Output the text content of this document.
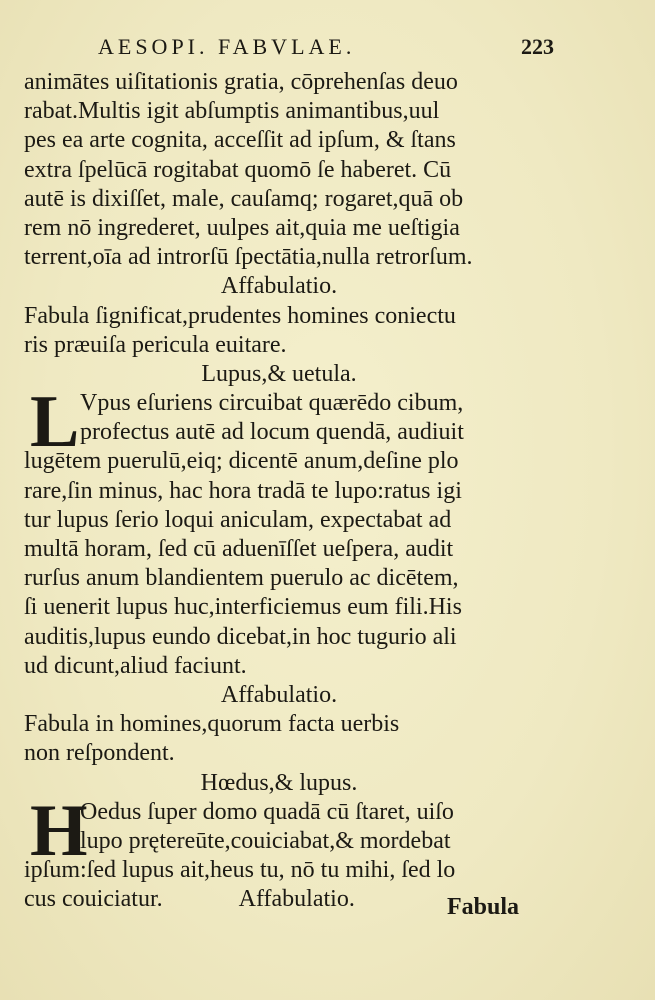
AESOPI. FABVLAE.	223
animātes uiſitationis gratia, cōprehenſas deuo
rabat.Multis igit abſumptis animantibus,uul
pes ea arte cognita, acceſſit ad ipſum, & ſtans
extra ſpelūcā rogitabat quomō ſe haberet. Cū
autē is dixiſſet, male, cauſamq; rogaret,quā ob
rem nō ingrederet, uulpes ait,quia me ueſtigia
terrent,oīa ad introrſū ſpectātia,nulla retrorſum.
Affabulatio.
Fabula ſignificat,prudentes homines coniectu
ris præuiſa pericula euitare.
Lupus,& uetula.
L Vpus eſuriens circuibat quærēdo cibum,
profectus autē ad locum quendā, audiuit
lugētem puerulū,eiq; dicentē anum,deſine plo
rare,ſin minus, hac hora tradā te lupo:ratus igi
tur lupus ſerio loqui aniculam, expectabat ad
multā horam, ſed cū aduenīſſet ueſpera, audit
rurſus anum blandientem puerulo ac dicētem,
ſi uenerit lupus huc,interficiemus eum fili.His
auditis,lupus eundo dicebat,in hoc tugurio ali
ud dicunt,aliud faciunt.
Affabulatio.
Fabula in homines,quorum facta uerbis
non reſpondent.
Hœdus,& lupus.
H
Oedus ſuper domo quadā cū ſtaret, uiſo
lupo prętereūte,couiciabat,& mordebat
ipſum:ſed lupus ait,heus tu, nō tu mihi, ſed lo
cus couiciatur.	Affabulatio.	Fabula
